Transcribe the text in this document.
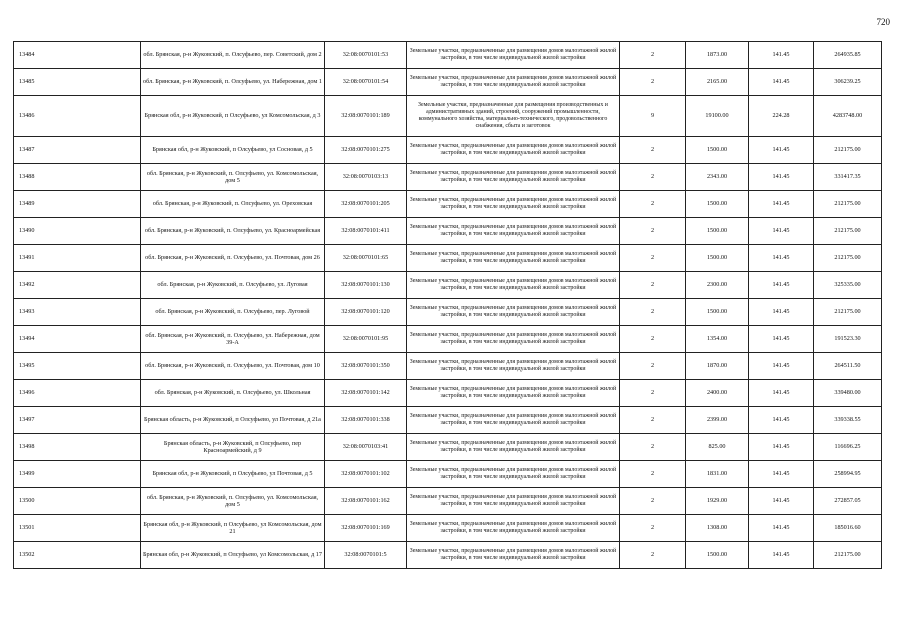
720
13484	обл. Брянская, р-н Жуковский, п. Олсуфьево, пер. Советский, дом 2	32:08:0070101:53	Земельные участки, предназначенные для размещения домов малоэтажной жилой застройки, в том числе индивидуальной жилой застройки	2	1873.00	141.45	264935.85
13485	обл. Брянская, р-н Жуковский, п. Олсуфьево, ул. Набережная, дом 1	32:08:0070101:54	Земельные участки, предназначенные для размещения домов малоэтажной жилой застройки, в том числе индивидуальной жилой застройки	2	2165.00	141.45	306239.25
13486	Брянская обл, р-н Жуковский, п Олсуфьево, ул Комсомольская, д 3	32:08:0070101:189	Земельные участки, предназначенные для размещения производственных и административных зданий, строений, сооружений промышленности, коммунального хозяйства, материально-технического, продовольственного снабжения, сбыта и заготовок	9	19100.00	224.28	4283748.00
13487	Брянская обл, р-н Жуковский, п Олсуфьево, ул Сосновая, д 5	32:08:0070101:275	Земельные участки, предназначенные для размещения домов малоэтажной жилой застройки, в том числе индивидуальной жилой застройки	2	1500.00	141.45	212175.00
13488	обл. Брянская, р-н Жуковский, п. Олсуфьево, ул. Комсомольская, дом 5	32:08:0070103:13	Земельные участки, предназначенные для размещения домов малоэтажной жилой застройки, в том числе индивидуальной жилой застройки	2	2343.00	141.45	331417.35
13489	обл. Брянская, р-н Жуковский, п. Олсуфьево, ул. Ореховская	32:08:0070101:205	Земельные участки, предназначенные для размещения домов малоэтажной жилой застройки, в том числе индивидуальной жилой застройки	2	1500.00	141.45	212175.00
13490	обл. Брянская, р-н Жуковский, п. Олсуфьево, ул. Красноармейская	32:08:0070101:411	Земельные участки, предназначенные для размещения домов малоэтажной жилой застройки, в том числе индивидуальной жилой застройки	2	1500.00	141.45	212175.00
13491	обл. Брянская, р-н Жуковский, п. Олсуфьево, ул. Почтовая, дом 26	32:08:0070101:65	Земельные участки, предназначенные для размещения домов малоэтажной жилой застройки, в том числе индивидуальной жилой застройки	2	1500.00	141.45	212175.00
13492	обл. Брянская, р-н Жуковский, п. Олсуфьево, ул. Луговая	32:08:0070101:130	Земельные участки, предназначенные для размещения домов малоэтажной жилой застройки, в том числе индивидуальной жилой застройки	2	2300.00	141.45	325335.00
13493	обл. Брянская, р-н Жуковский, п. Олсуфьево, пер. Луговой	32:08:0070101:120	Земельные участки, предназначенные для размещения домов малоэтажной жилой застройки, в том числе индивидуальной жилой застройки	2	1500.00	141.45	212175.00
13494	обл. Брянская, р-н Жуковский, п. Олсуфьево, ул. Набережная, дом 39-А	32:08:0070101:95	Земельные участки, предназначенные для размещения домов малоэтажной жилой застройки, в том числе индивидуальной жилой застройки	2	1354.00	141.45	191523.30
13495	обл. Брянская, р-н Жуковский, п. Олсуфьево, ул. Почтовая, дом 10	32:08:0070101:350	Земельные участки, предназначенные для размещения домов малоэтажной жилой застройки, в том числе индивидуальной жилой застройки	2	1870.00	141.45	264511.50
13496	обл. Брянская, р-н Жуковский, п. Олсуфьево, ул. Школьная	32:08:0070101:142	Земельные участки, предназначенные для размещения домов малоэтажной жилой застройки, в том числе индивидуальной жилой застройки	2	2400.00	141.45	339480.00
13497	Брянская область, р-н Жуковский, п Олсуфьево, ул Почтовая, д 21а	32:08:0070101:338	Земельные участки, предназначенные для размещения домов малоэтажной жилой застройки, в том числе индивидуальной жилой застройки	2	2399.00	141.45	339338.55
13498	Брянская область, р-н Жуковский, п Олсуфьево, пер Красноармейский, д 9	32:08:0070103:41	Земельные участки, предназначенные для размещения домов малоэтажной жилой застройки, в том числе индивидуальной жилой застройки	2	825.00	141.45	116696.25
13499	Брянская обл, р-н Жуковский, п Олсуфьево, ул Почтовая, д 5	32:08:0070101:102	Земельные участки, предназначенные для размещения домов малоэтажной жилой застройки, в том числе индивидуальной жилой застройки	2	1831.00	141.45	258994.95
13500	обл. Брянская, р-н Жуковский, п. Олсуфьево, ул. Комсомольская, дом 5	32:08:0070101:162	Земельные участки, предназначенные для размещения домов малоэтажной жилой застройки, в том числе индивидуальной жилой застройки	2	1929.00	141.45	272857.05
13501	Брянская обл, р-н Жуковский, п Олсуфьево, ул Комсомольская, дом 21	32:08:0070101:169	Земельные участки, предназначенные для размещения домов малоэтажной жилой застройки, в том числе индивидуальной жилой застройки	2	1308.00	141.45	185016.60
13502	Брянская обл, р-н Жуковский, п Олсуфьево, ул Комсомольская, д 17	32:08:0070101:5	Земельные участки, предназначенные для размещения домов малоэтажной жилой застройки, в том числе индивидуальной жилой застройки	2	1500.00	141.45	212175.00
